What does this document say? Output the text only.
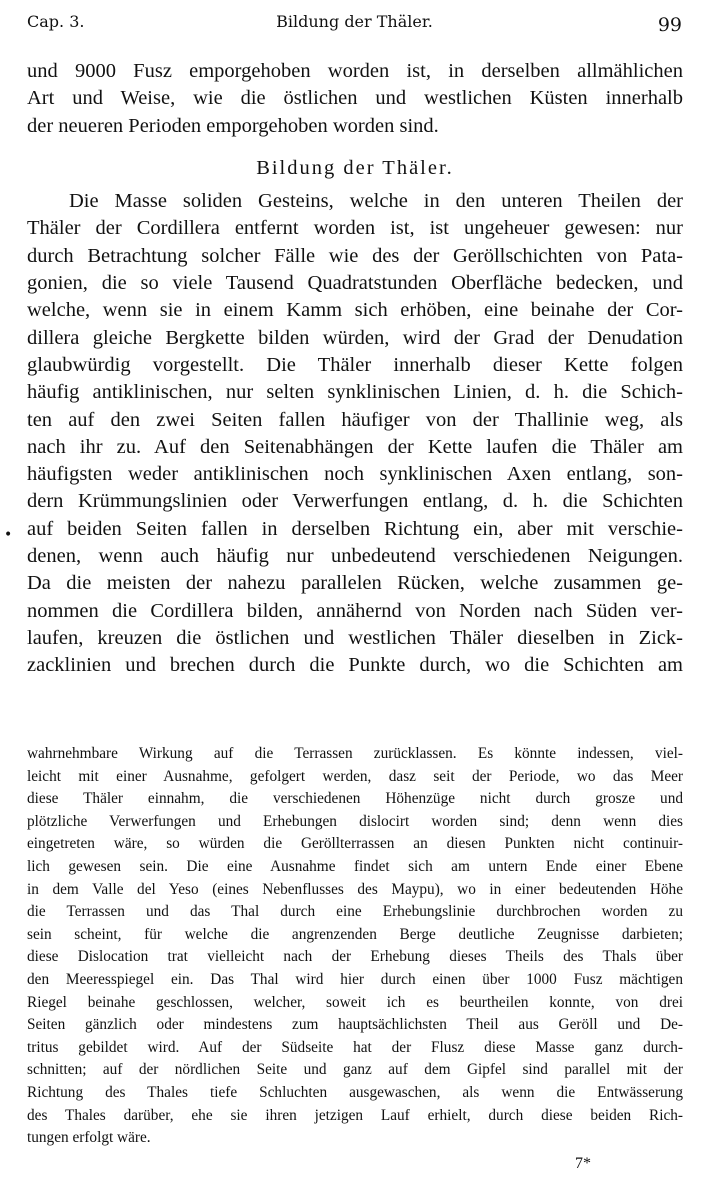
Cap. 3.	Bildung der Thäler.	99
•
und 9000 Fusz emporgehoben worden ist, in derselben allmählichen
Art und Weise, wie die östlichen und westlichen Küsten innerhalb
der neueren Perioden emporgehoben worden sind.
Bildung der Thäler.
Die Masse soliden Gesteins, welche in den unteren Theilen der
Thäler der Cordillera entfernt worden ist, ist ungeheuer gewesen: nur
durch Betrachtung solcher Fälle wie des der Geröllschichten von Pata-
gonien, die so viele Tausend Quadratstunden Oberfläche bedecken, und
welche, wenn sie in einem Kamm sich erhöben, eine beinahe der Cor-
dillera gleiche Bergkette bilden würden, wird der Grad der Denudation
glaubwürdig vorgestellt. Die Thäler innerhalb dieser Kette folgen
häufig antiklinischen, nur selten synklinischen Linien, d. h. die Schich-
ten auf den zwei Seiten fallen häufiger von der Thallinie weg, als
nach ihr zu. Auf den Seitenabhängen der Kette laufen die Thäler am
häufigsten weder antiklinischen noch synklinischen Axen entlang, son-
dern Krümmungslinien oder Verwerfungen entlang, d. h. die Schichten
auf beiden Seiten fallen in derselben Richtung ein, aber mit verschie-
denen, wenn auch häufig nur unbedeutend verschiedenen Neigungen.
Da die meisten der nahezu parallelen Rücken, welche zusammen ge-
nommen die Cordillera bilden, annähernd von Norden nach Süden ver-
laufen, kreuzen die östlichen und westlichen Thäler dieselben in Zick-
zacklinien und brechen durch die Punkte durch, wo die Schichten am
wahrnehmbare Wirkung auf die Terrassen zurücklassen. Es könnte indessen, viel-
leicht mit einer Ausnahme, gefolgert werden, dasz seit der Periode, wo das Meer
diese Thäler einnahm, die verschiedenen Höhenzüge nicht durch grosze und
plötzliche Verwerfungen und Erhebungen dislocirt worden sind; denn wenn dies
eingetreten wäre, so würden die Geröllterrassen an diesen Punkten nicht continuir-
lich gewesen sein. Die eine Ausnahme findet sich am untern Ende einer Ebene
in dem Valle del Yeso (eines Nebenflusses des Maypu), wo in einer bedeutenden Höhe
die Terrassen und das Thal durch eine Erhebungslinie durchbrochen worden zu
sein scheint, für welche die angrenzenden Berge deutliche Zeugnisse darbieten;
diese Dislocation trat vielleicht nach der Erhebung dieses Theils des Thals über
den Meeresspiegel ein. Das Thal wird hier durch einen über 1000 Fusz mächtigen
Riegel beinahe geschlossen, welcher, soweit ich es beurtheilen konnte, von drei
Seiten gänzlich oder mindestens zum hauptsächlichsten Theil aus Geröll und De-
tritus gebildet wird. Auf der Südseite hat der Flusz diese Masse ganz durch-
schnitten; auf der nördlichen Seite und ganz auf dem Gipfel sind parallel mit der
Richtung des Thales tiefe Schluchten ausgewaschen, als wenn die Entwässerung
des Thales darüber, ehe sie ihren jetzigen Lauf erhielt, durch diese beiden Rich-
tungen erfolgt wäre.
7*
